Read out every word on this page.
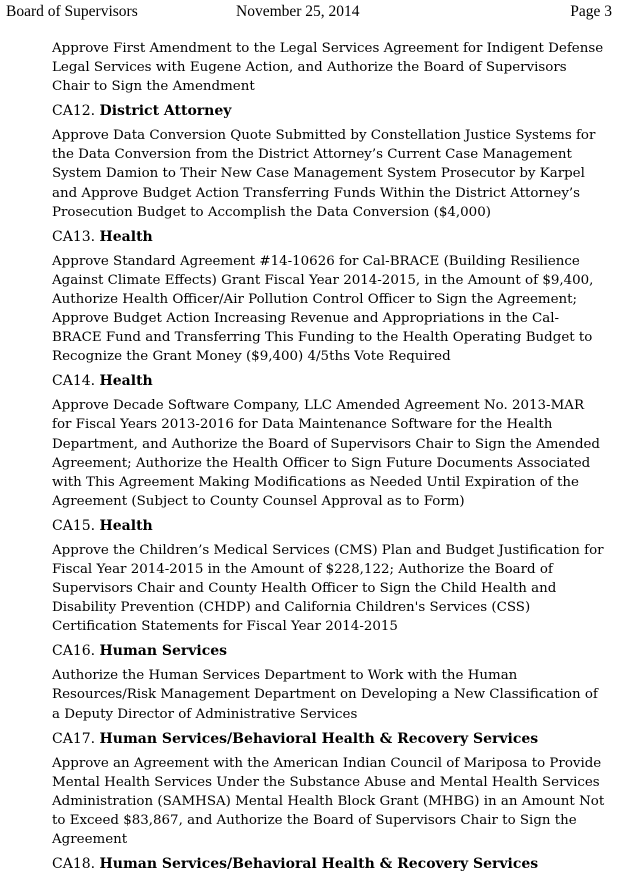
Board of Supervisors	November 25, 2014	Page 3

Approve First Amendment to the Legal Services Agreement for Indigent Defense Legal Services with Eugene Action, and Authorize the Board of Supervisors Chair to Sign the Amendment

CA12. District Attorney

Approve Data Conversion Quote Submitted by Constellation Justice Systems for the Data Conversion from the District Attorney’s Current Case Management System Damion to Their New Case Management System Prosecutor by Karpel and Approve Budget Action Transferring Funds Within the District Attorney’s Prosecution Budget to Accomplish the Data Conversion ($4,000)

CA13. Health

Approve Standard Agreement #14-10626 for Cal-BRACE (Building Resilience Against Climate Effects) Grant Fiscal Year 2014-2015, in the Amount of $9,400, Authorize Health Officer/Air Pollution Control Officer to Sign the Agreement; Approve Budget Action Increasing Revenue and Appropriations in the Cal-BRACE Fund and Transferring This Funding to the Health Operating Budget to Recognize the Grant Money ($9,400) 4/5ths Vote Required

CA14. Health

Approve Decade Software Company, LLC Amended Agreement No. 2013-MAR for Fiscal Years 2013-2016 for Data Maintenance Software for the Health Department, and Authorize the Board of Supervisors Chair to Sign the Amended Agreement; Authorize the Health Officer to Sign Future Documents Associated with This Agreement Making Modifications as Needed Until Expiration of the Agreement (Subject to County Counsel Approval as to Form)

CA15. Health

Approve the Children’s Medical Services (CMS) Plan and Budget Justification for Fiscal Year 2014-2015 in the Amount of $228,122; Authorize the Board of Supervisors Chair and County Health Officer to Sign the Child Health and Disability Prevention (CHDP) and California Children's Services (CSS) Certification Statements for Fiscal Year 2014-2015

CA16. Human Services

Authorize the Human Services Department to Work with the Human Resources/Risk Management Department on Developing a New Classification of a Deputy Director of Administrative Services

CA17. Human Services/Behavioral Health & Recovery Services

Approve an Agreement with the American Indian Council of Mariposa to Provide Mental Health Services Under the Substance Abuse and Mental Health Services Administration (SAMHSA) Mental Health Block Grant (MHBG) in an Amount Not to Exceed $83,867, and Authorize the Board of Supervisors Chair to Sign the Agreement

CA18. Human Services/Behavioral Health & Recovery Services
